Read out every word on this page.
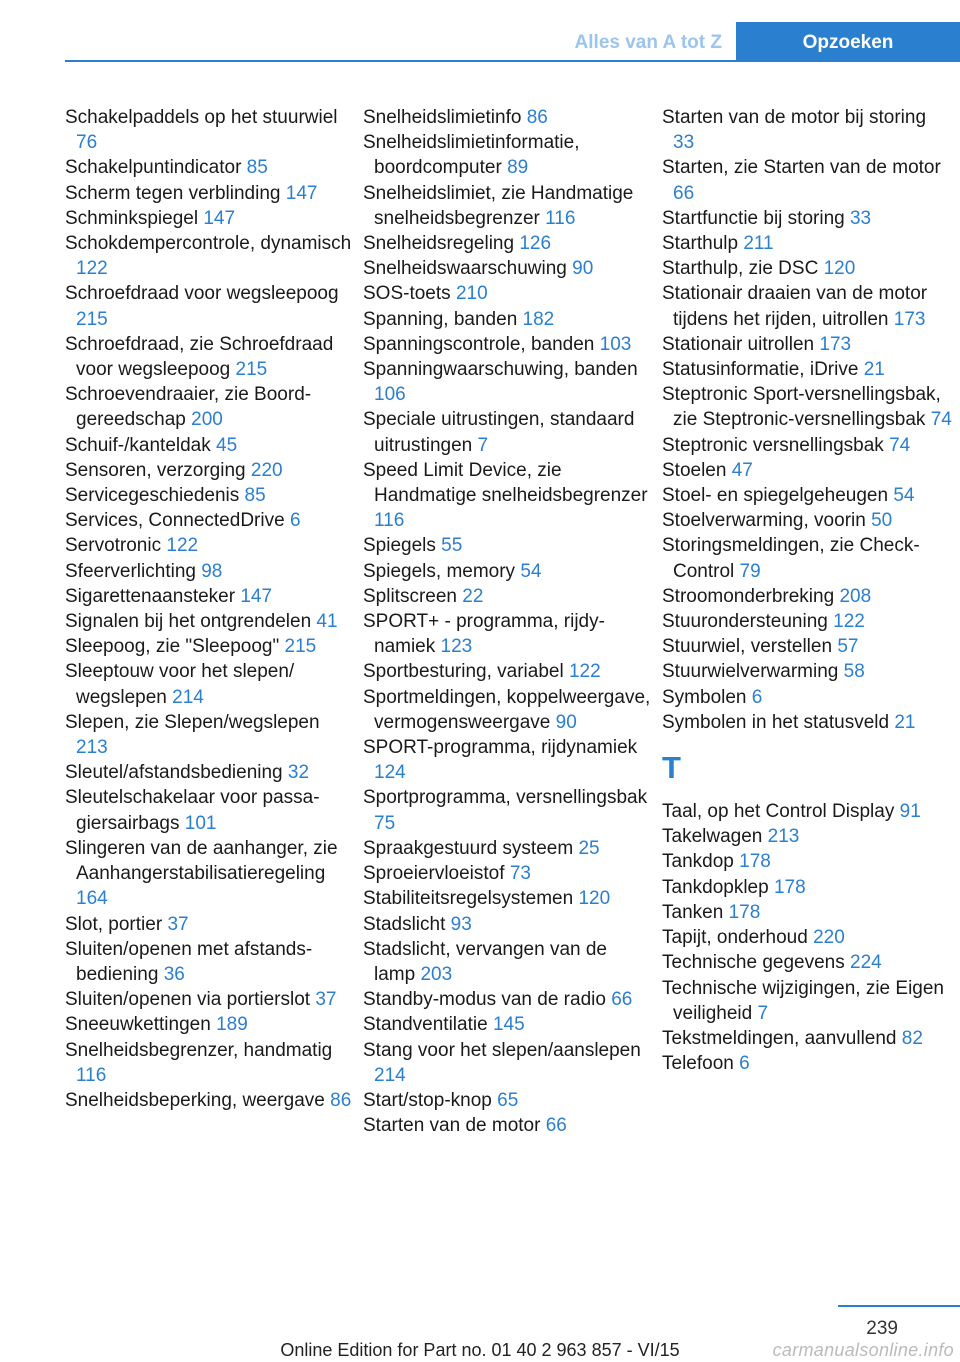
Alles van A tot Z	Opzoeken
Schakelpaddels op het stuurwiel 76
Schakelpuntindicator 85
Scherm tegen verblinding 147
Schminkspiegel 147
Schokdempercontrole, dynamisch 122
Schroefdraad voor wegsleepoog 215
Schroefdraad, zie Schroefdraad voor wegsleepoog 215
Schroevendraaier, zie Boordgereedschap 200
Schuif-/kanteldak 45
Sensoren, verzorging 220
Servicegeschiedenis 85
Services, ConnectedDrive 6
Servotronic 122
Sfeerverlichting 98
Sigarettenaansteker 147
Signalen bij het ontgrendelen 41
Sleepoog, zie "Sleepoog" 215
Sleeptouw voor het slepen/ wegslepen 214
Slepen, zie Slepen/wegslepen 213
Sleutel/afstandsbediening 32
Sleutelschakelaar voor passagiersairbags 101
Slingeren van de aanhanger, zie Aanhangerstabilisatieregeling 164
Slot, portier 37
Sluiten/openen met afstandsbediening 36
Sluiten/openen via portierslot 37
Sneeuwkettingen 189
Snelheidsbegrenzer, handmatig 116
Snelheidsbeperking, weergave 86
Snelheidslimietinfo 86
Snelheidslimietinformatie, boordcomputer 89
Snelheidslimiet, zie Handmatige snelheidsbegrenzer 116
Snelheidsregeling 126
Snelheidswaarschuwing 90
SOS-toets 210
Spanning, banden 182
Spanningscontrole, banden 103
Spanningwaarschuwing, banden 106
Speciale uitrustingen, standaard uitrustingen 7
Speed Limit Device, zie Handmatige snelheidsbegrenzer 116
Spiegels 55
Spiegels, memory 54
Splitscreen 22
SPORT+ - programma, rijdynamiek 123
Sportbesturing, variabel 122
Sportmeldingen, koppelweergave, vermogensweergave 90
SPORT-programma, rijdynamiek 124
Sportprogramma, versnellingsbak 75
Spraakgestuurd systeem 25
Sproeiervloeistof 73
Stabiliteitsregelsystemen 120
Stadslicht 93
Stadslicht, vervangen van de lamp 203
Standby-modus van de radio 66
Standventilatie 145
Stang voor het slepen/aanslepen 214
Start/stop-knop 65
Starten van de motor 66
Starten van de motor bij storing 33
Starten, zie Starten van de motor 66
Startfunctie bij storing 33
Starthulp 211
Starthulp, zie DSC 120
Stationair draaien van de motor tijdens het rijden, uitrollen 173
Stationair uitrollen 173
Statusinformatie, iDrive 21
Steptronic Sport-versnellingsbak, zie Steptronic-versnellingsbak 74
Steptronic versnellingsbak 74
Stoelen 47
Stoel- en spiegelgeheugen 54
Stoelverwarming, voorin 50
Storingsmeldingen, zie Check-Control 79
Stroomonderbreking 208
Stuurondersteuning 122
Stuurwiel, verstellen 57
Stuurwielverwarming 58
Symbolen 6
Symbolen in het statusveld 21
T
Taal, op het Control Display 91
Takelwagen 213
Tankdop 178
Tankdopklep 178
Tanken 178
Tapijt, onderhoud 220
Technische gegevens 224
Technische wijzigingen, zie Eigen veiligheid 7
Tekstmeldingen, aanvullend 82
Telefoon 6
239
Online Edition for Part no. 01 40 2 963 857 - VI/15	carmanualsonline.info
